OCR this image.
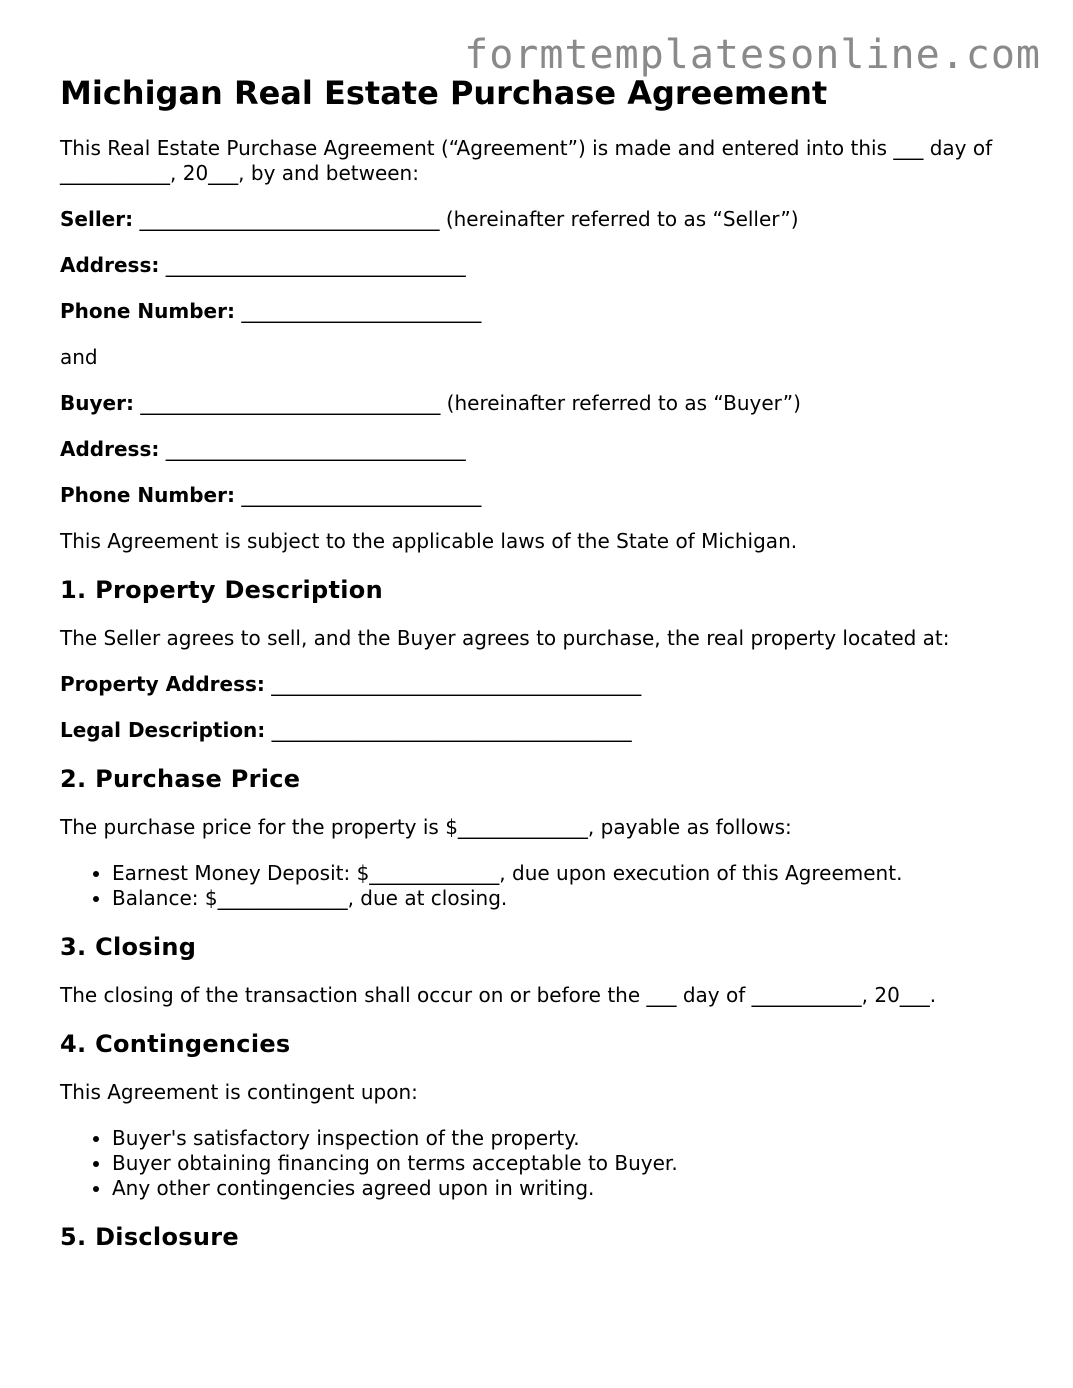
formtemplatesonline.com
Michigan Real Estate Purchase Agreement

This Real Estate Purchase Agreement (“Agreement”) is made and entered into this ___ day of ___________, 20___, by and between:

Seller: ______________________________ (hereinafter referred to as “Seller”)

Address: ______________________________

Phone Number: ________________________

and

Buyer: ______________________________ (hereinafter referred to as “Buyer”)

Address: ______________________________

Phone Number: ________________________

This Agreement is subject to the applicable laws of the State of Michigan.

1. Property Description

The Seller agrees to sell, and the Buyer agrees to purchase, the real property located at:

Property Address: _____________________________________

Legal Description: ____________________________________

2. Purchase Price

The purchase price for the property is $_____________, payable as follows:

• Earnest Money Deposit: $_____________, due upon execution of this Agreement.
• Balance: $_____________, due at closing.
3. Closing

The closing of the transaction shall occur on or before the ___ day of ___________, 20___.

4. Contingencies

This Agreement is contingent upon:

• Buyer's satisfactory inspection of the property.
• Buyer obtaining financing on terms acceptable to Buyer.
• Any other contingencies agreed upon in writing.
5. Disclosure
